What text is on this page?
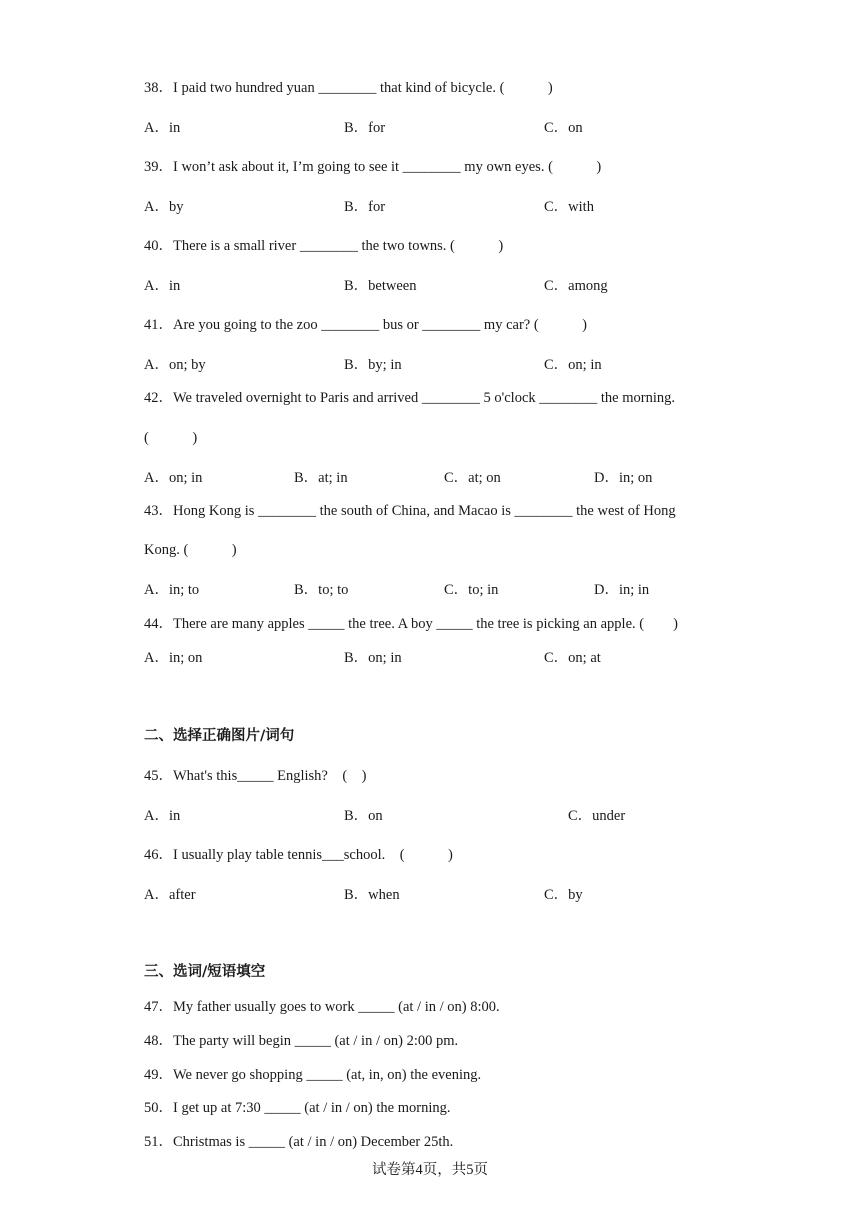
38．I paid two hundred yuan ________ that kind of bicycle. (　　　)
A．in	B．for	C．on
39．I won’t ask about it, I’m going to see it ________ my own eyes. (　　　)
A．by	B．for	C．with
40．There is a small river ________ the two towns. (　　　)
A．in	B．between	C．among
41．Are you going to the zoo ________ bus or ________ my car? (　　　)
A．on; by	B．by; in	C．on; in
42．We traveled overnight to Paris and arrived ________ 5 o'clock ________ the morning.
(　　　)
A．on; in	B．at; in	C．at; on	D．in; on
43．Hong Kong is ________ the south of China, and Macao is ________ the west of Hong
Kong. (　　　)
A．in; to	B．to; to	C．to; in	D．in; in
44．There are many apples _____ the tree. A boy _____ the tree is picking an apple. (　　)
A．in; on	B．on; in	C．on; at
二、选择正确图片/词句
45．What's this_____ English?　(　)
A．in	B．on	C．under
46．I usually play table tennis___school.　(　　　)
A．after	B．when	C．by
三、选词/短语填空
47．My father usually goes to work _____ (at / in / on) 8:00.
48．The party will begin _____ (at / in / on) 2:00 pm.
49．We never go shopping _____ (at, in, on) the evening.
50．I get up at 7:30 _____ (at / in / on) the morning.
51．Christmas is _____ (at / in / on) December 25th.
试卷第4页，共5页
